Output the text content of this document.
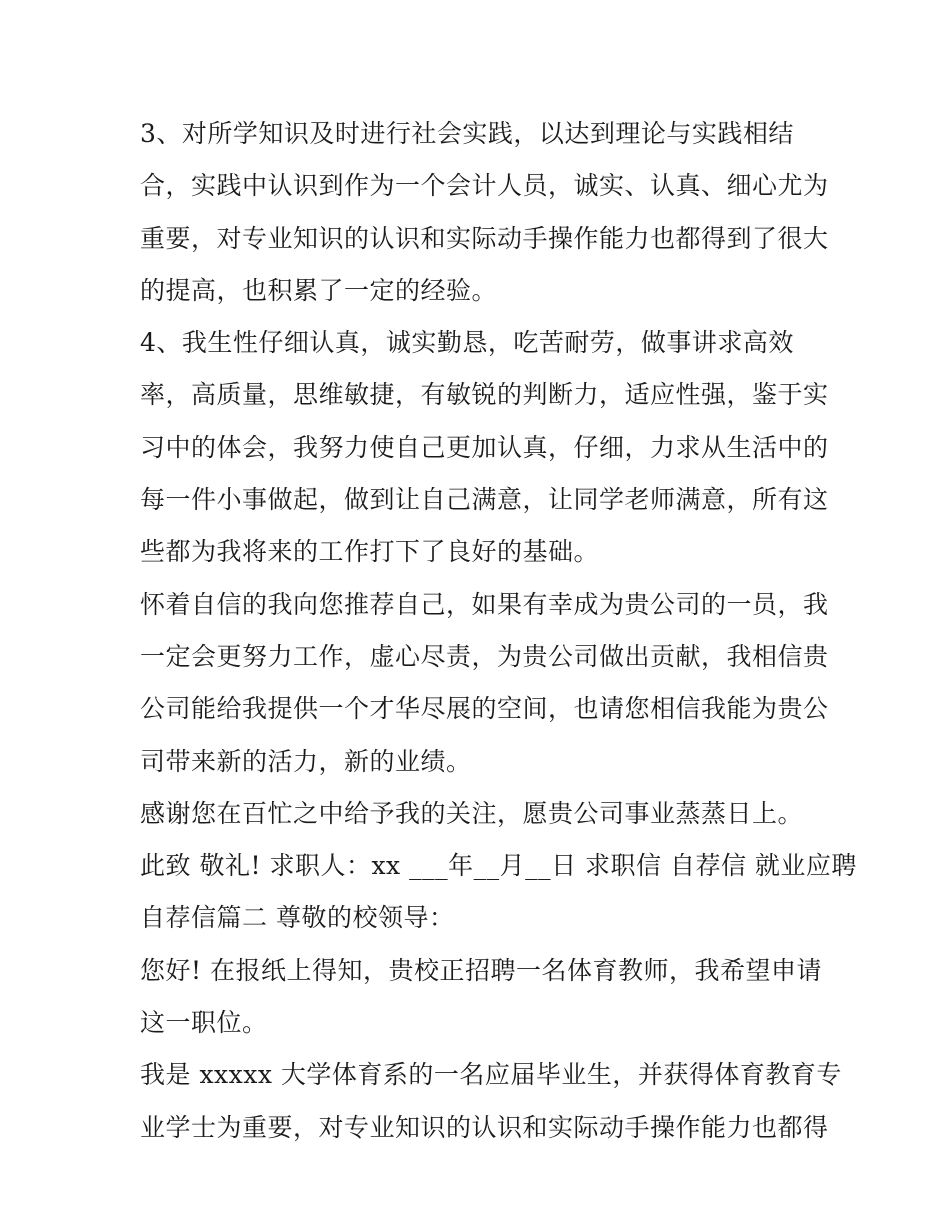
3、对所学知识及时进行社会实践，以达到理论与实践相结
合，实践中认识到作为一个会计人员，诚实、认真、细心尤为
重要，对专业知识的认识和实际动手操作能力也都得到了很大
的提高，也积累了一定的经验。
4、我生性仔细认真，诚实勤恳，吃苦耐劳，做事讲求高效
率，高质量，思维敏捷，有敏锐的判断力，适应性强，鉴于实
习中的体会，我努力使自己更加认真，仔细，力求从生活中的
每一件小事做起，做到让自己满意，让同学老师满意，所有这
些都为我将来的工作打下了良好的基础。
怀着自信的我向您推荐自己，如果有幸成为贵公司的一员，我
一定会更努力工作，虚心尽责，为贵公司做出贡献，我相信贵
公司能给我提供一个才华尽展的空间，也请您相信我能为贵公
司带来新的活力，新的业绩。
感谢您在百忙之中给予我的关注，愿贵公司事业蒸蒸日上。
此致 敬礼! 求职人：xx ___年__月__日 求职信 自荐信 就业应聘
自荐信篇二 尊敬的校领导：
您好! 在报纸上得知，贵校正招聘一名体育教师，我希望申请
这一职位。
我是 xxxxx 大学体育系的一名应届毕业生，并获得体育教育专
业学士为重要，对专业知识的认识和实际动手操作能力也都得
